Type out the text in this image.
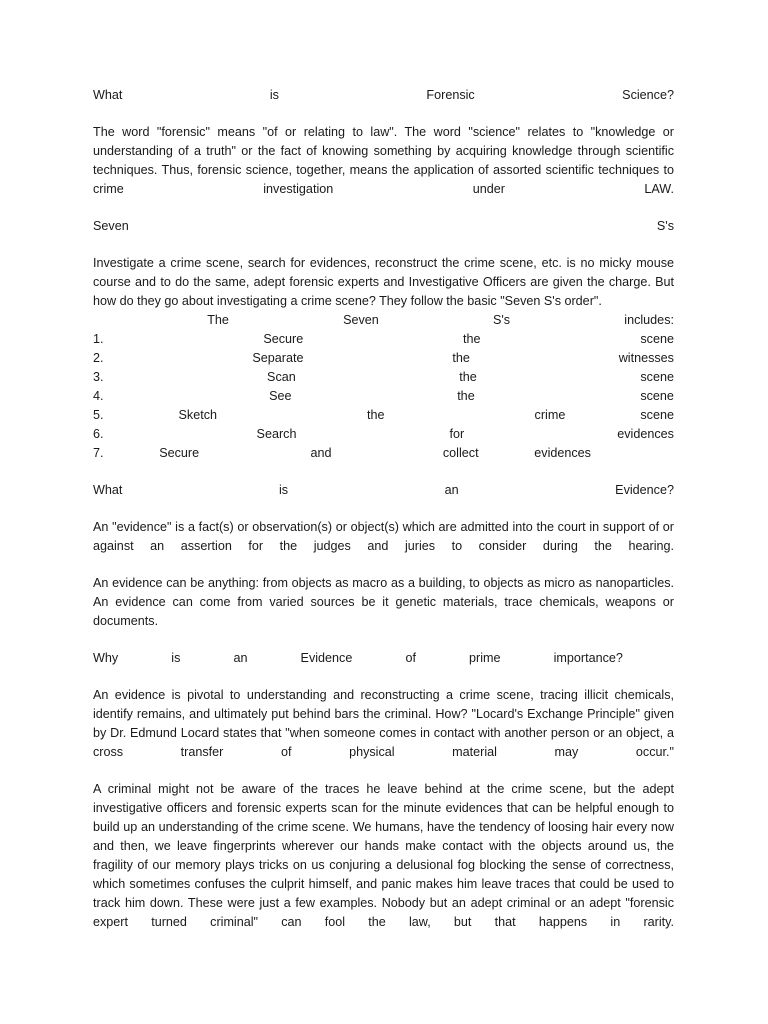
What	is	Forensic	Science?

The word "forensic" means "of or relating to law". The word "science" relates to "knowledge or understanding of a truth" or the fact of knowing something by acquiring knowledge through scientific techniques. Thus, forensic science, together, means the application of assorted scientific techniques to crime investigation under LAW.

Seven	S's

Investigate a crime scene, search for evidences, reconstruct the crime scene, etc. is no micky mouse course and to do the same, adept forensic experts and Investigative Officers are given the charge. But how do they go about investigating a crime scene? They follow the basic "Seven S's order".

The	Seven	S's	includes:
1.	Secure	the	scene
2.	Separate	the	witnesses
3.	Scan	the	scene
4.	See	the	scene
5.	Sketch	the	crime	scene
6.	Search	for	evidences
7.	Secure	and	collect	evidences
What	is	an	Evidence?

An "evidence" is a fact(s) or observation(s) or object(s) which are admitted into the court in support of or against an assertion for the judges and juries to consider during the hearing.

An evidence can be anything: from objects as macro as a building, to objects as micro as nanoparticles. An evidence can come from varied sources be it genetic materials, trace chemicals, weapons or documents.

Why	is	an	Evidence	of	prime	importance?

An evidence is pivotal to understanding and reconstructing a crime scene, tracing illicit chemicals, identify remains, and ultimately put behind bars the criminal. How? "Locard's Exchange Principle" given by Dr. Edmund Locard states that "when someone comes in contact with another person or an object, a cross transfer of physical material may occur."

A criminal might not be aware of the traces he leave behind at the crime scene, but the adept investigative officers and forensic experts scan for the minute evidences that can be helpful enough to build up an understanding of the crime scene. We humans, have the tendency of loosing hair every now and then, we leave fingerprints wherever our hands make contact with the objects around us, the fragility of our memory plays tricks on us conjuring a delusional fog blocking the sense of correctness, which sometimes confuses the culprit himself, and panic makes him leave traces that could be used to track him down. These were just a few examples. Nobody but an adept criminal or an adept "forensic expert turned criminal" can fool the law, but that happens in rarity.
